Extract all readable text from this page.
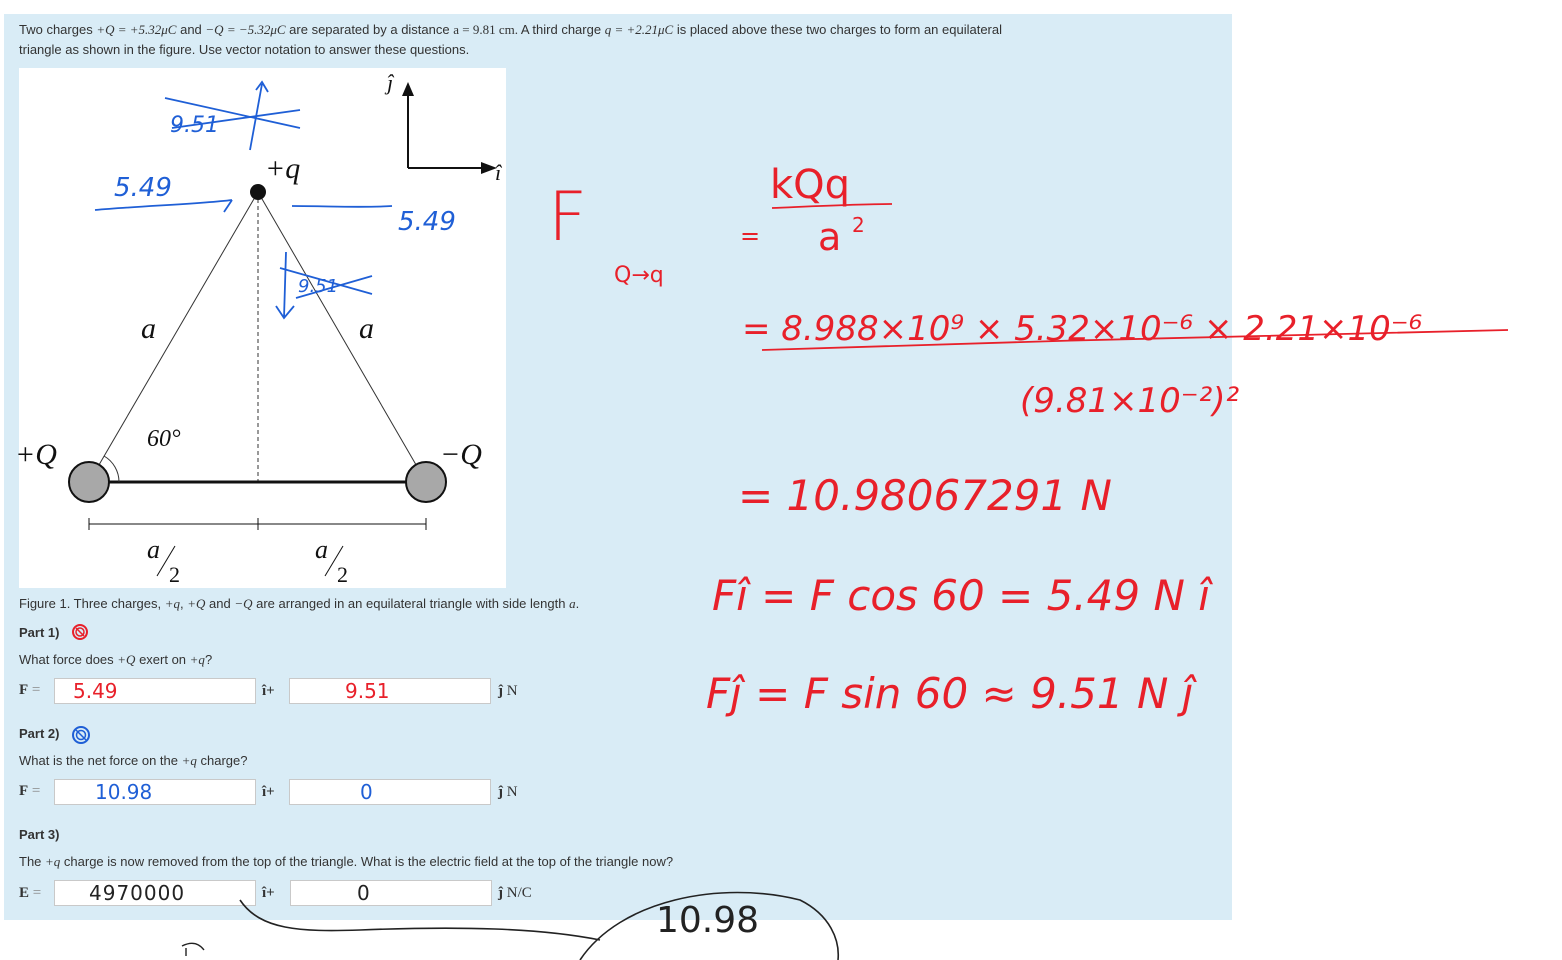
Two charges +Q = +5.32μC and −Q = −5.32μC are separated by a distance a = 9.81 cm. A third charge q = +2.21μC is placed above these two charges to form an equilateral
triangle as shown in the figure. Use vector notation to answer these questions.
ĵ
î
60°
+q
+Q	−Q
a	a
a
2
a
2
Figure 1. Three charges, +q, +Q and −Q are arranged in an equilateral triangle with side length a.
Part 1)
What force does +Q exert on +q?
F =
5.49	î+
9.51	ĵ N
Part 2)
What is the net force on the +q charge?
F =
10.98	î+
0	ĵ N
Part 3)
The +q charge is now removed from the top of the triangle. What is the electric field at the top of the triangle now?
E =
4970000	î+
0	ĵ N/C
9.51
5.49
5.49
9.51
F
Q→q
kQq
a 2
=
= 8.988×10⁹ × 5.32×10⁻⁶ × 2.21×10⁻⁶
(9.81×10⁻²)²
= 10.98067291 N
Fî = F cos 60 = 5.49 N î
Fĵ = F sin 60 ≈ 9.51 N ĵ
10.98
